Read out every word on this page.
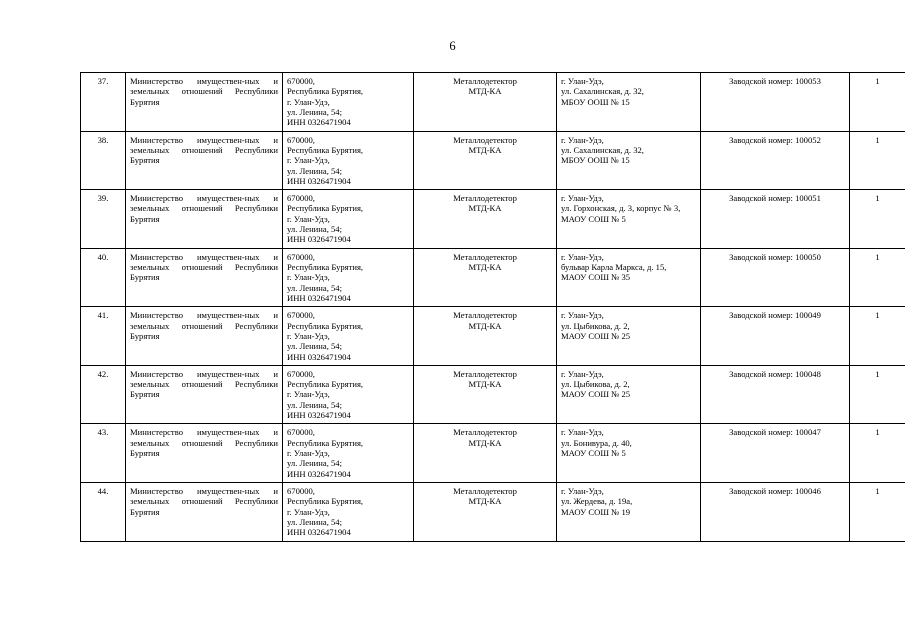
6
37.	Министерство имуществен-ных и земельных отношений Республики Бурятия	670000,
Республика Бурятия,
г. Улан-Удэ,
ул. Ленина, 54;
ИНН 0326471904	Металлодетектор
МТД-КА	г. Улан-Удэ,
ул. Сахалинская, д. 32,
МБОУ ООШ № 15	Заводской номер: 100053	1
38.	Министерство имуществен-ных и земельных отношений Республики Бурятия	670000,
Республика Бурятия,
г. Улан-Удэ,
ул. Ленина, 54;
ИНН 0326471904	Металлодетектор
МТД-КА	г. Улан-Удэ,
ул. Сахалинская, д. 32,
МБОУ ООШ № 15	Заводской номер: 100052	1
39.	Министерство имуществен-ных и земельных отношений Республики Бурятия	670000,
Республика Бурятия,
г. Улан-Удэ,
ул. Ленина, 54;
ИНН 0326471904	Металлодетектор
МТД-КА	г. Улан-Удэ,
ул. Горхонская, д. 3, корпус № 3,
МАОУ СОШ № 5	Заводской номер: 100051	1
40.	Министерство имуществен-ных и земельных отношений Республики Бурятия	670000,
Республика Бурятия,
г. Улан-Удэ,
ул. Ленина, 54;
ИНН 0326471904	Металлодетектор
МТД-КА	г. Улан-Удэ,
бульвар Карла Маркса, д. 15,
МАОУ СОШ № 35	Заводской номер: 100050	1
41.	Министерство имуществен-ных и земельных отношений Республики Бурятия	670000,
Республика Бурятия,
г. Улан-Удэ,
ул. Ленина, 54;
ИНН 0326471904	Металлодетектор
МТД-КА	г. Улан-Удэ,
ул. Цыбикова, д. 2,
МАОУ СОШ № 25	Заводской номер: 100049	1
42.	Министерство имуществен-ных и земельных отношений Республики Бурятия	670000,
Республика Бурятия,
г. Улан-Удэ,
ул. Ленина, 54;
ИНН 0326471904	Металлодетектор
МТД-КА	г. Улан-Удэ,
ул. Цыбикова, д. 2,
МАОУ СОШ № 25	Заводской номер: 100048	1
43.	Министерство имуществен-ных и земельных отношений Республики Бурятия	670000,
Республика Бурятия,
г. Улан-Удэ,
ул. Ленина, 54;
ИНН 0326471904	Металлодетектор
МТД-КА	г. Улан-Удэ,
ул. Бонивура, д. 40,
МАОУ СОШ № 5	Заводской номер: 100047	1
44.	Министерство имуществен-ных и земельных отношений Республики Бурятия	670000,
Республика Бурятия,
г. Улан-Удэ,
ул. Ленина, 54;
ИНН 0326471904	Металлодетектор
МТД-КА	г. Улан-Удэ,
ул. Жердева, д. 19а,
МАОУ СОШ № 19	Заводской номер: 100046	1
